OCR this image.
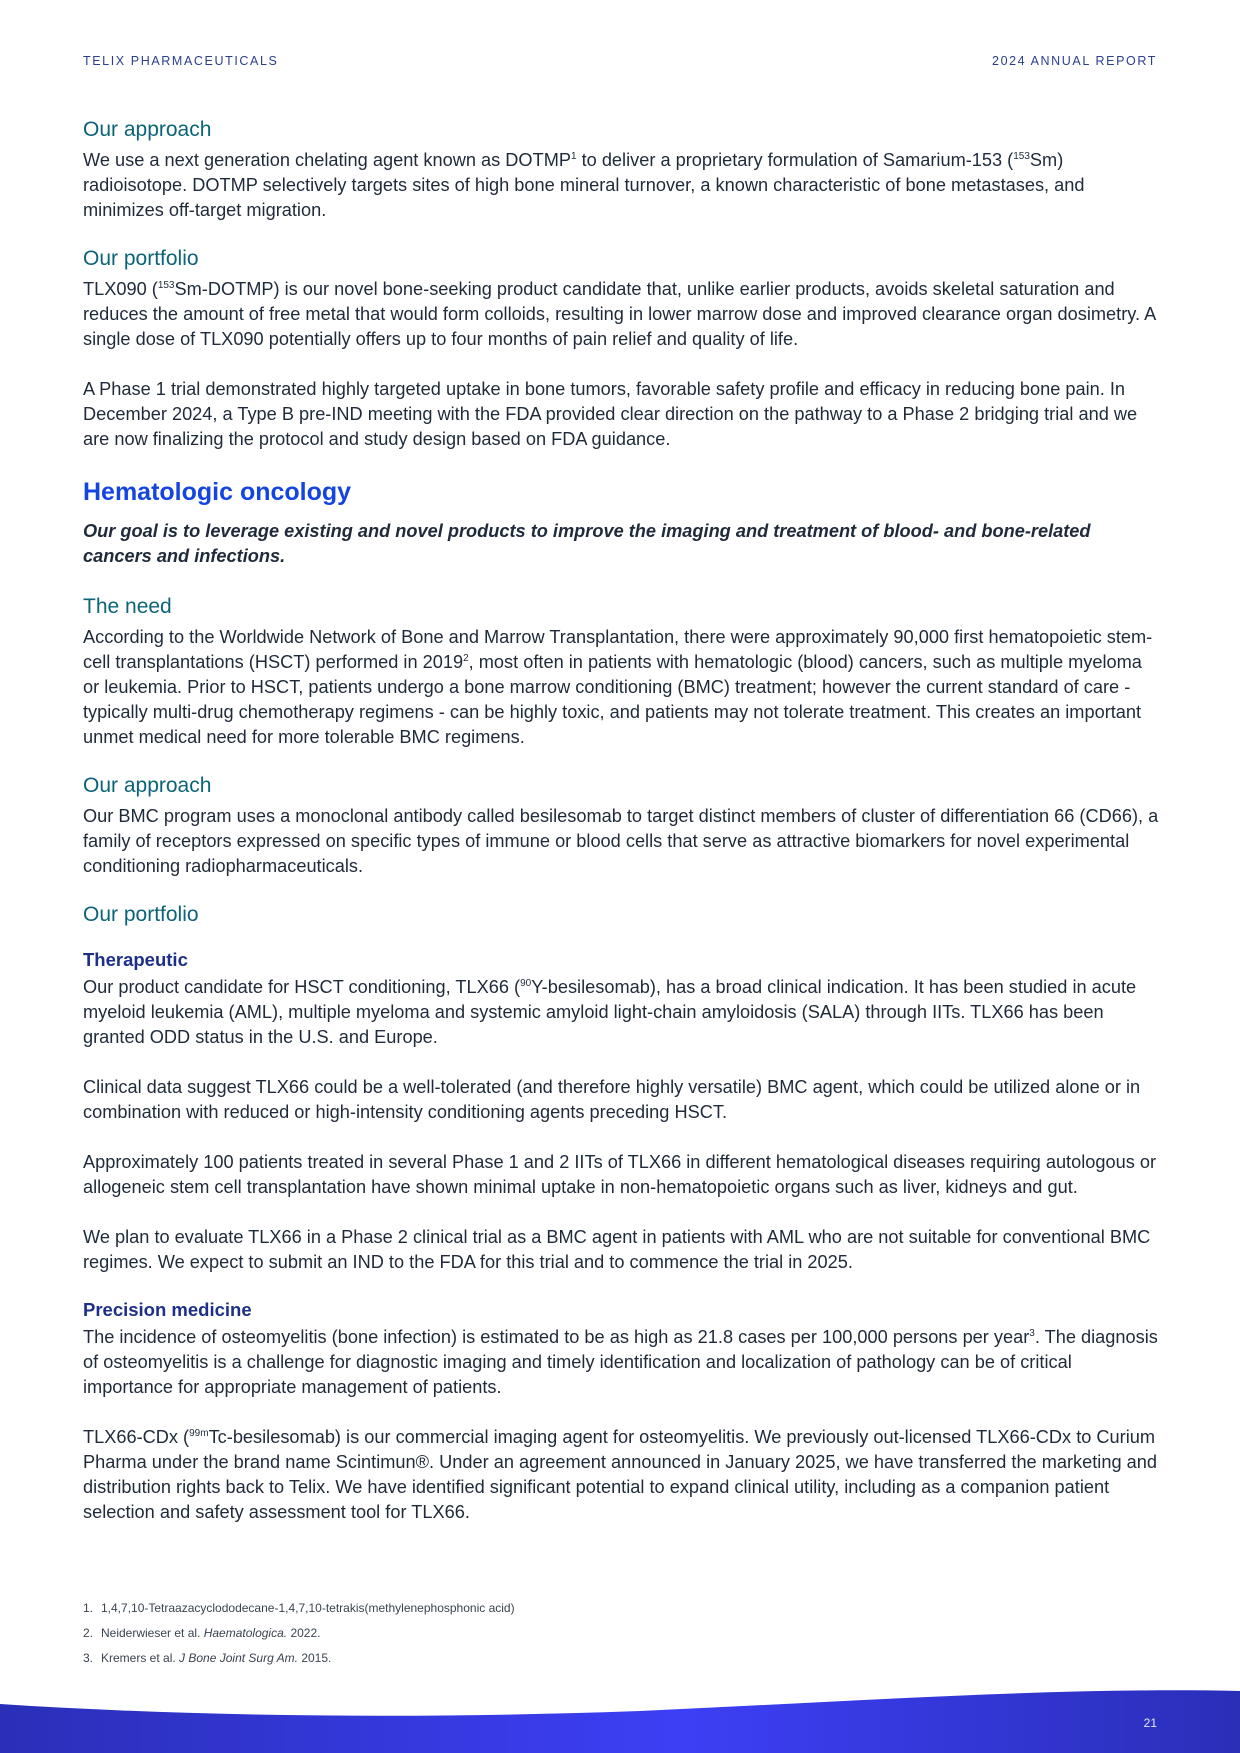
TELIX PHARMACEUTICALS	2024 ANNUAL REPORT
Our approach

We use a next generation chelating agent known as DOTMP$^1$ to deliver a proprietary formulation of Samarium-153 ($^{153}$Sm) radioisotope. DOTMP selectively targets sites of high bone mineral turnover, a known characteristic of bone metastases, and minimizes off-target migration.

Our portfolio

TLX090 ($^{153}$Sm-DOTMP) is our novel bone-seeking product candidate that, unlike earlier products, avoids skeletal saturation and reduces the amount of free metal that would form colloids, resulting in lower marrow dose and improved clearance organ dosimetry. A single dose of TLX090 potentially offers up to four months of pain relief and quality of life.

A Phase 1 trial demonstrated highly targeted uptake in bone tumors, favorable safety profile and efficacy in reducing bone pain. In December 2024, a Type B pre-IND meeting with the FDA provided clear direction on the pathway to a Phase 2 bridging trial and we are now finalizing the protocol and study design based on FDA guidance.

Hematologic oncology

Our goal is to leverage existing and novel products to improve the imaging and treatment of blood- and bone-related cancers and infections.

The need

According to the Worldwide Network of Bone and Marrow Transplantation, there were approximately 90,000 first hematopoietic stem-cell transplantations (HSCT) performed in 2019$^2$, most often in patients with hematologic (blood) cancers, such as multiple myeloma or leukemia. Prior to HSCT, patients undergo a bone marrow conditioning (BMC) treatment; however the current standard of care - typically multi-drug chemotherapy regimens - can be highly toxic, and patients may not tolerate treatment. This creates an important unmet medical need for more tolerable BMC regimens.

Our approach

Our BMC program uses a monoclonal antibody called besilesomab to target distinct members of cluster of differentiation 66 (CD66), a family of receptors expressed on specific types of immune or blood cells that serve as attractive biomarkers for novel experimental conditioning radiopharmaceuticals.

Our portfolio
Therapeutic

Our product candidate for HSCT conditioning, TLX66 ($^{90}$Y-besilesomab), has a broad clinical indication. It has been studied in acute myeloid leukemia (AML), multiple myeloma and systemic amyloid light-chain amyloidosis (SALA) through IITs. TLX66 has been granted ODD status in the U.S. and Europe.

Clinical data suggest TLX66 could be a well-tolerated (and therefore highly versatile) BMC agent, which could be utilized alone or in combination with reduced or high-intensity conditioning agents preceding HSCT.

Approximately 100 patients treated in several Phase 1 and 2 IITs of TLX66 in different hematological diseases requiring autologous or allogeneic stem cell transplantation have shown minimal uptake in non-hematopoietic organs such as liver, kidneys and gut.

We plan to evaluate TLX66 in a Phase 2 clinical trial as a BMC agent in patients with AML who are not suitable for conventional BMC regimes. We expect to submit an IND to the FDA for this trial and to commence the trial in 2025.

Precision medicine

The incidence of osteomyelitis (bone infection) is estimated to be as high as 21.8 cases per 100,000 persons per year$^3$. The diagnosis of osteomyelitis is a challenge for diagnostic imaging and timely identification and localization of pathology can be of critical importance for appropriate management of patients.

TLX66-CDx ($^{99m}$Tc-besilesomab) is our commercial imaging agent for osteomyelitis. We previously out-licensed TLX66-CDx to Curium Pharma under the brand name Scintimun®. Under an agreement announced in January 2025, we have transferred the marketing and distribution rights back to Telix. We have identified significant potential to expand clinical utility, including as a companion patient selection and safety assessment tool for TLX66.

1. 1,4,7,10-Tetraazacyclododecane-1,4,7,10-tetrakis(methylenephosphonic acid)
2. Neiderwieser et al. Haematologica. 2022.
3. Kremers et al. J Bone Joint Surg Am. 2015.
21
